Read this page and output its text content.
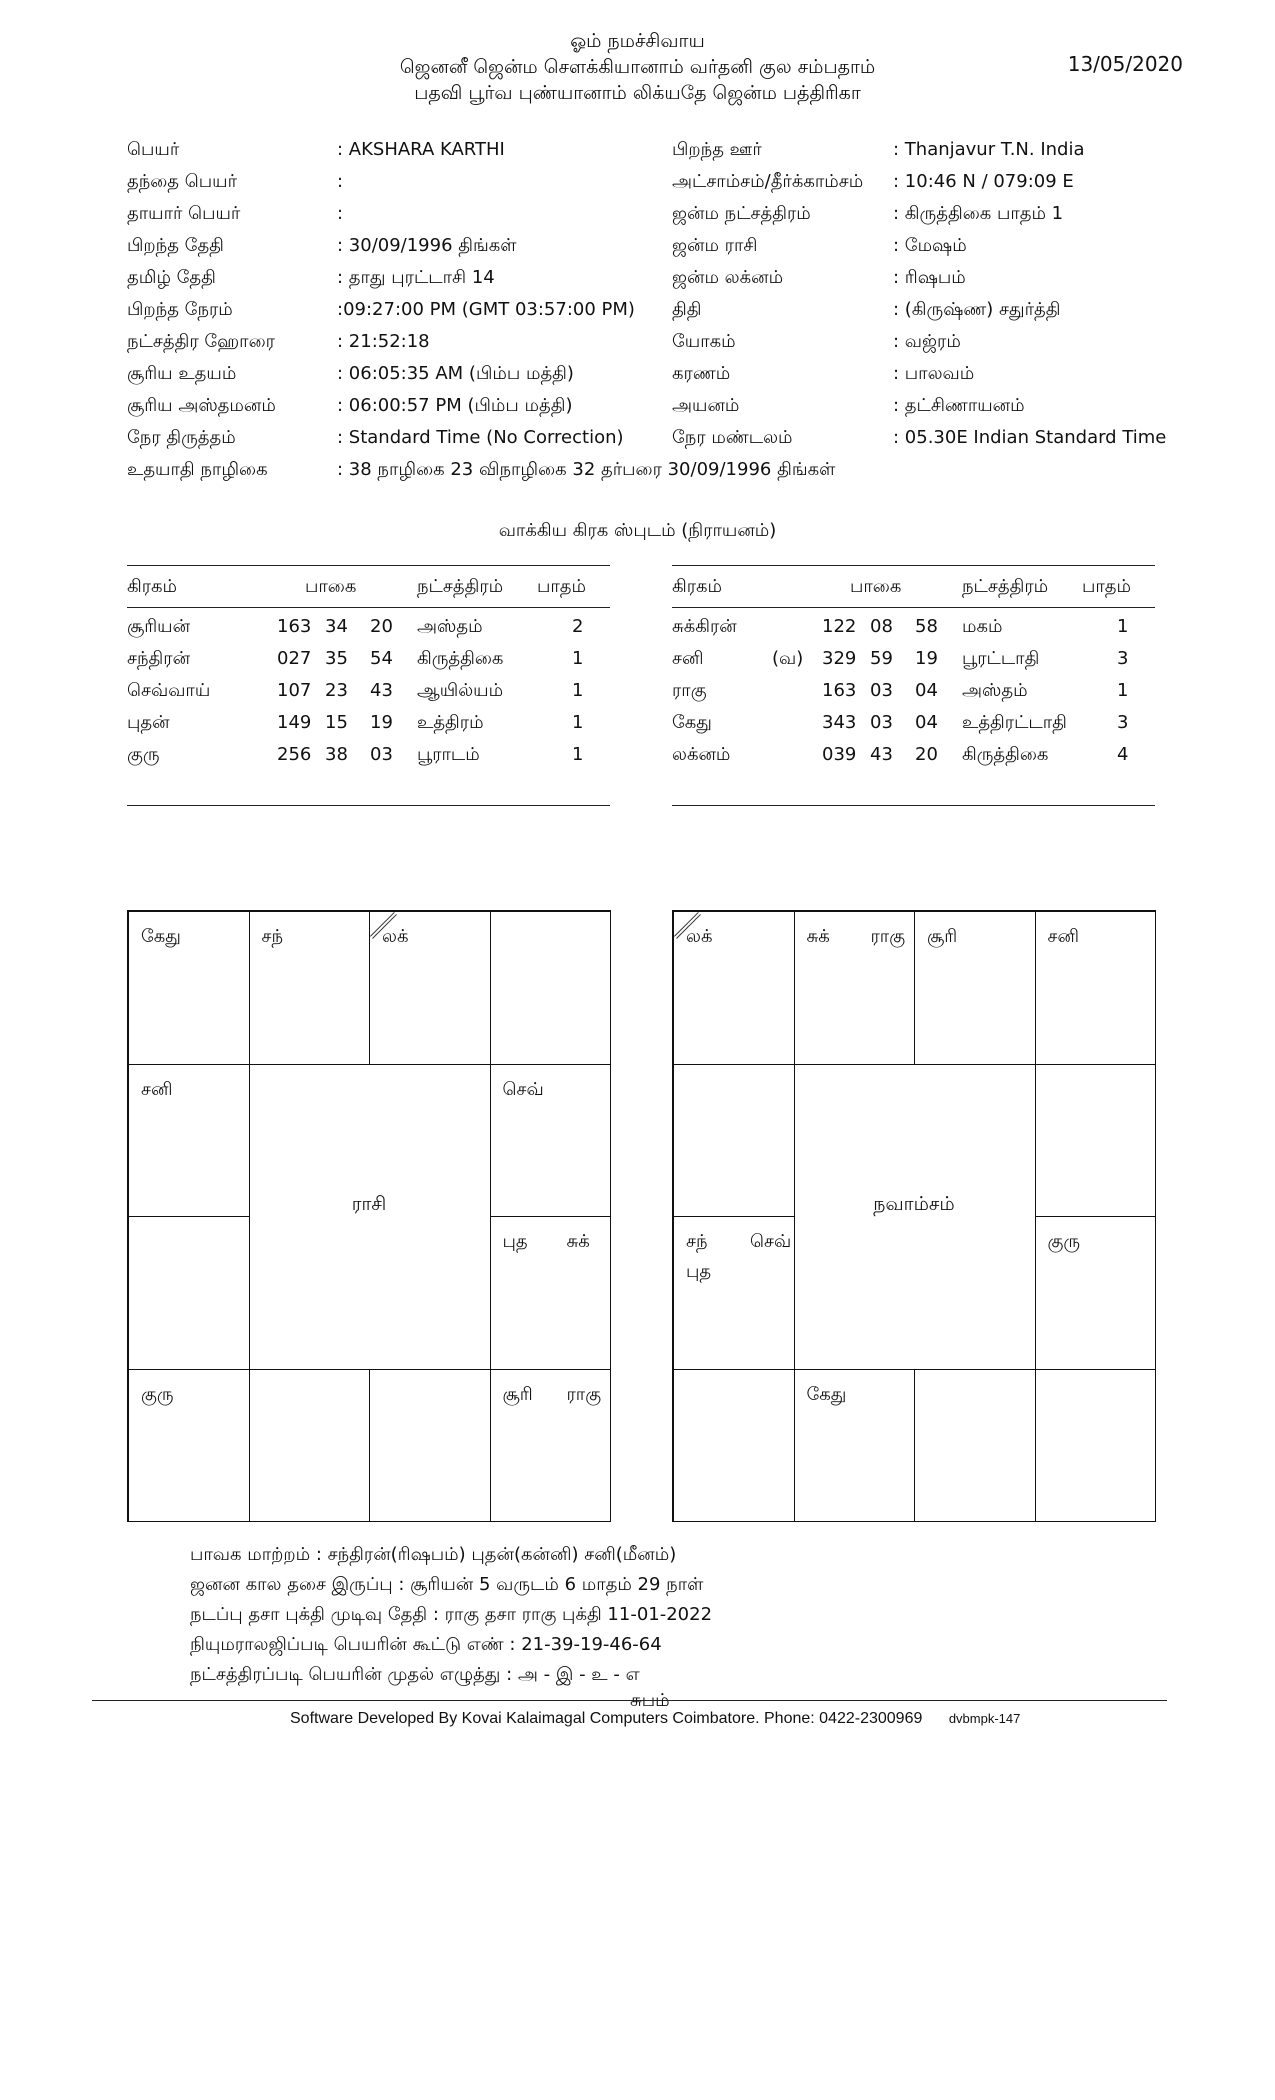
ஓம் நமச்சிவாய
ஜெனனீ ஜென்ம சௌக்கியானாம் வர்தனி குல சம்பதாம்
பதவி பூர்வ புண்யானாம் லிக்யதே ஜென்ம பத்திரிகா
13/05/2020
பெயர்	: AKSHARA KARTHI
தந்தை பெயர்	:
தாயார் பெயர்	:
பிறந்த தேதி	: 30/09/1996 திங்கள்
தமிழ் தேதி	: தாது புரட்டாசி 14
பிறந்த நேரம்	:09:27:00 PM (GMT 03:57:00 PM)
நட்சத்திர ஹோரை	: 21:52:18
சூரிய உதயம்	: 06:05:35 AM (பிம்ப மத்தி)
சூரிய அஸ்தமனம்	: 06:00:57 PM (பிம்ப மத்தி)
நேர திருத்தம்	: Standard Time (No Correction)
உதயாதி நாழிகை	: 38 நாழிகை 23 விநாழிகை 32 தர்பரை 30/09/1996 திங்கள்
பிறந்த ஊர்	: Thanjavur T.N. India
அட்சாம்சம்/தீர்க்காம்சம்	: 10:46 N / 079:09 E
ஜன்ம நட்சத்திரம்	: கிருத்திகை பாதம் 1
ஜன்ம ராசி	: மேஷம்
ஜன்ம லக்னம்	: ரிஷபம்
திதி	: (கிருஷ்ண) சதுர்த்தி
யோகம்	: வஜ்ரம்
கரணம்	: பாலவம்
அயனம்	: தட்சிணாயனம்
நேர மண்டலம்	: 05.30E Indian Standard Time
வாக்கிய கிரக ஸ்புடம் (நிராயனம்)
கிரகம்	பாகை	நட்சத்திரம் பாதம்
சூரியன்	163 34 20 அஸ்தம்	2
சந்திரன்	027 35 54 கிருத்திகை	1
செவ்வாய்	107 23 43 ஆயில்யம்	1
புதன்	149 15 19 உத்திரம்	1
குரு	256 38 03 பூராடம்	1
கிரகம்	பாகை	நட்சத்திரம் பாதம்
சுக்கிரன்	122 08 58 மகம்	1
சனி	(வ) 329 59 19 பூரட்டாதி	3
ராகு	163 03 04 அஸ்தம்	1
கேது	343 03 04 உத்திரட்டாதி	3
லக்னம்	039 43 20 கிருத்திகை	4
கேது	சந்	லக்
சனி	செவ்
புத சுக்
குரு	சூரி ராகு
ராசி
லக்	சுக் ராகு சூரி	சனி
சந் செவ்
புத
குரு
கேது
நவாம்சம்
பாவக மாற்றம் : சந்திரன்(ரிஷபம்) புதன்(கன்னி) சனி(மீனம்)
ஜனன கால தசை இருப்பு : சூரியன் 5 வருடம் 6 மாதம் 29 நாள்
நடப்பு தசா புக்தி முடிவு தேதி : ராகு தசா ராகு புக்தி 11-01-2022
நியுமராலஜிப்படி பெயரின் கூட்டு எண் : 21-39-19-46-64
நட்சத்திரப்படி பெயரின் முதல் எழுத்து : அ - இ - உ - எ
சுபம்
Software Developed By Kovai Kalaimagal Computers Coimbatore. Phone: 0422-2300969 dvbmpk-147
